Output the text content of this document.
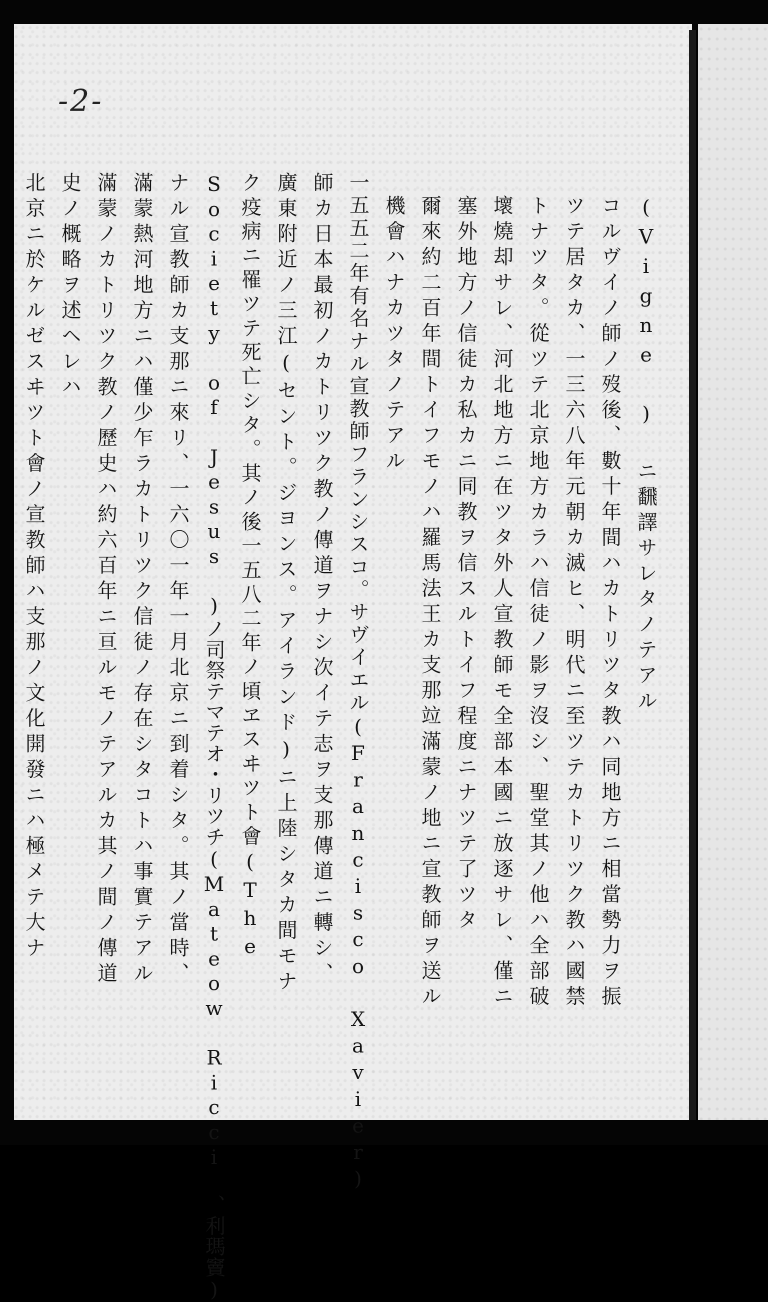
-2-
(Vigne ) ニ飜譯サレタノテアル
コルヴイノ師ノ歿後、數十年間ハカトリツタ教ハ同地方ニ相當勢力ヲ振
ツテ居タカ、一三六八年元朝カ滅ヒ、明代ニ至ツテカトリツク教ハ國禁
トナツタ。從ツテ北京地方カラハ信徒ノ影ヲ沒シ、聖堂其ノ他ハ全部破
壞燒却サレ、河北地方ニ在ツタ外人宣教師モ全部本國ニ放逐サレ、僅ニ
塞外地方ノ信徒カ私カニ同教ヲ信スルトイフ程度ニナツテ了ツタ
爾來約二百年間トイフモノハ羅馬法王カ支那竝滿蒙ノ地ニ宣教師ヲ送ル
機會ハナカツタノテアル
一五五二年有名ナル宣教師フランシスコ。サヴイエル(Francisco Xavier)
師カ日本最初ノカトリツク教ノ傳道ヲナシ次イテ志ヲ支那傳道ニ轉シ、
廣東附近ノ三江(セント。ジヨンス。アイランド)ニ上陸シタカ間モナ
ク疫病ニ罹ツテ死亡シタ。其ノ後一五八二年ノ頃ヱスヰツト會(The
Society of Jesus )ノ司祭テマテオ・リツチ(Mateow Ricci 、利瑪竇)
ナル宣教師カ支那ニ來リ、一六〇一年一月北京ニ到着シタ。其ノ當時、
滿蒙熱河地方ニハ僅少乍ラカトリツク信徒ノ存在シタコトハ事實テアル
滿蒙ノカトリツク教ノ歷史ハ約六百年ニ亘ルモノテアルカ其ノ間ノ傳道
史ノ概略ヲ述ヘレハ
北京ニ於ケルゼスヰツト會ノ宣教師ハ支那ノ文化開發ニハ極メテ大ナ
